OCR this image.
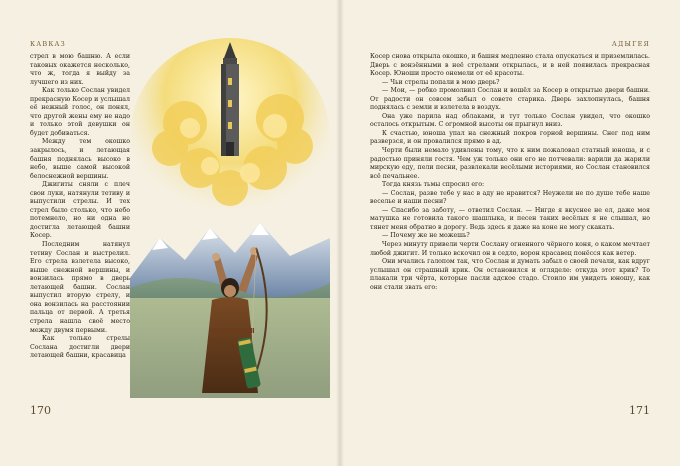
КАВКАЗ

стрел в мою башню. А если таковых окажется несколько, что ж, тогда я выйду за лучшего из них.

Как только Сослан увидел прекрасную Косер и услышал её нежный голос, он понял, что другой жены ему не надо и только этой девушки он будет добиваться.

Между тем окошко закрылось, и летающая башня поднялась высоко в небо, выше самой высокой белоснежной вершины.

Джигиты сняли с плеч свои луки, натянули тетиву и выпустили стрелы. И тех стрел было столько, что небо потемнело, но ни одна не достигла летающей башни Косер.

Последним натянул тетиву Сослан и выстрелил. Его стрела взлетела высоко, выше снежной вершины, и вонзилась прямо в дверь летающей башни. Сослан выпустил вторую стрелу, и она вонзилась на расстоянии пальца от первой. А третья стрела нашла своё место между двумя первыми.

Как только стрелы Сослана достигли двери летающей башни, красавица

170
АДЫГЕЯ

Косер снова открыла окошко, и башня медленно стала опускаться и приземлилась. Дверь с вонзёнными в неё стрелами открылась, и в ней появилась прекрасная Косер. Юноши просто онемели от её красоты.

— Чьи стрелы попали в мою дверь?

— Мои, — робко промолвил Сослан и вошёл за Косер в открытые двери башни. От радости он совсем забыл о совете старика. Дверь захлопнулась, башня поднялась с земли и взлетела в воздух.

Она уже парила над облаками, и тут только Сослан увидел, что окошко осталось открытым. С огромной высоты он прыгнул вниз.

К счастью, юноша упал на снежный покров горной вершины. Снег под ним разверзся, и он провалился прямо в ад.

Черти были немало удивлены тому, что к ним пожаловал статный юноша, и с радостью приняли гостя. Чем уж только они его не потчевали: варили да жарили мирскую еду, пели песни, развлекали весёлыми историями, но Сослан становился всё печальнее.

Тогда князь тьмы спросил его:

— Сослан, разве тебе у нас в аду не нравится? Неужели не по душе тебе наше веселье и наши песни?

— Спасибо за заботу, — ответил Сослан. — Нигде я вкуснее не ел, даже моя матушка не готовила такого шашлыка, и песен таких весёлых я не слышал, но тянет меня обратно в дорогу. Ведь здесь я даже на коне не могу скакать.

— Почему же не можешь?

Через минуту привели черти Сослану огненного чёрного коня, о каком мечтает любой джигит. И только вскочил он в седло, ворон красавец понёсся как ветер.

Они мчались галопом так, что Сослан и думать забыл о своей печали, как вдруг услышал он страшный крик. Он остановился и огляделе: откуда этот крик? То плакали три чёрта, которые пасли адское стадо. Стоило им увидеть юношу, как они стали звать его:

171
